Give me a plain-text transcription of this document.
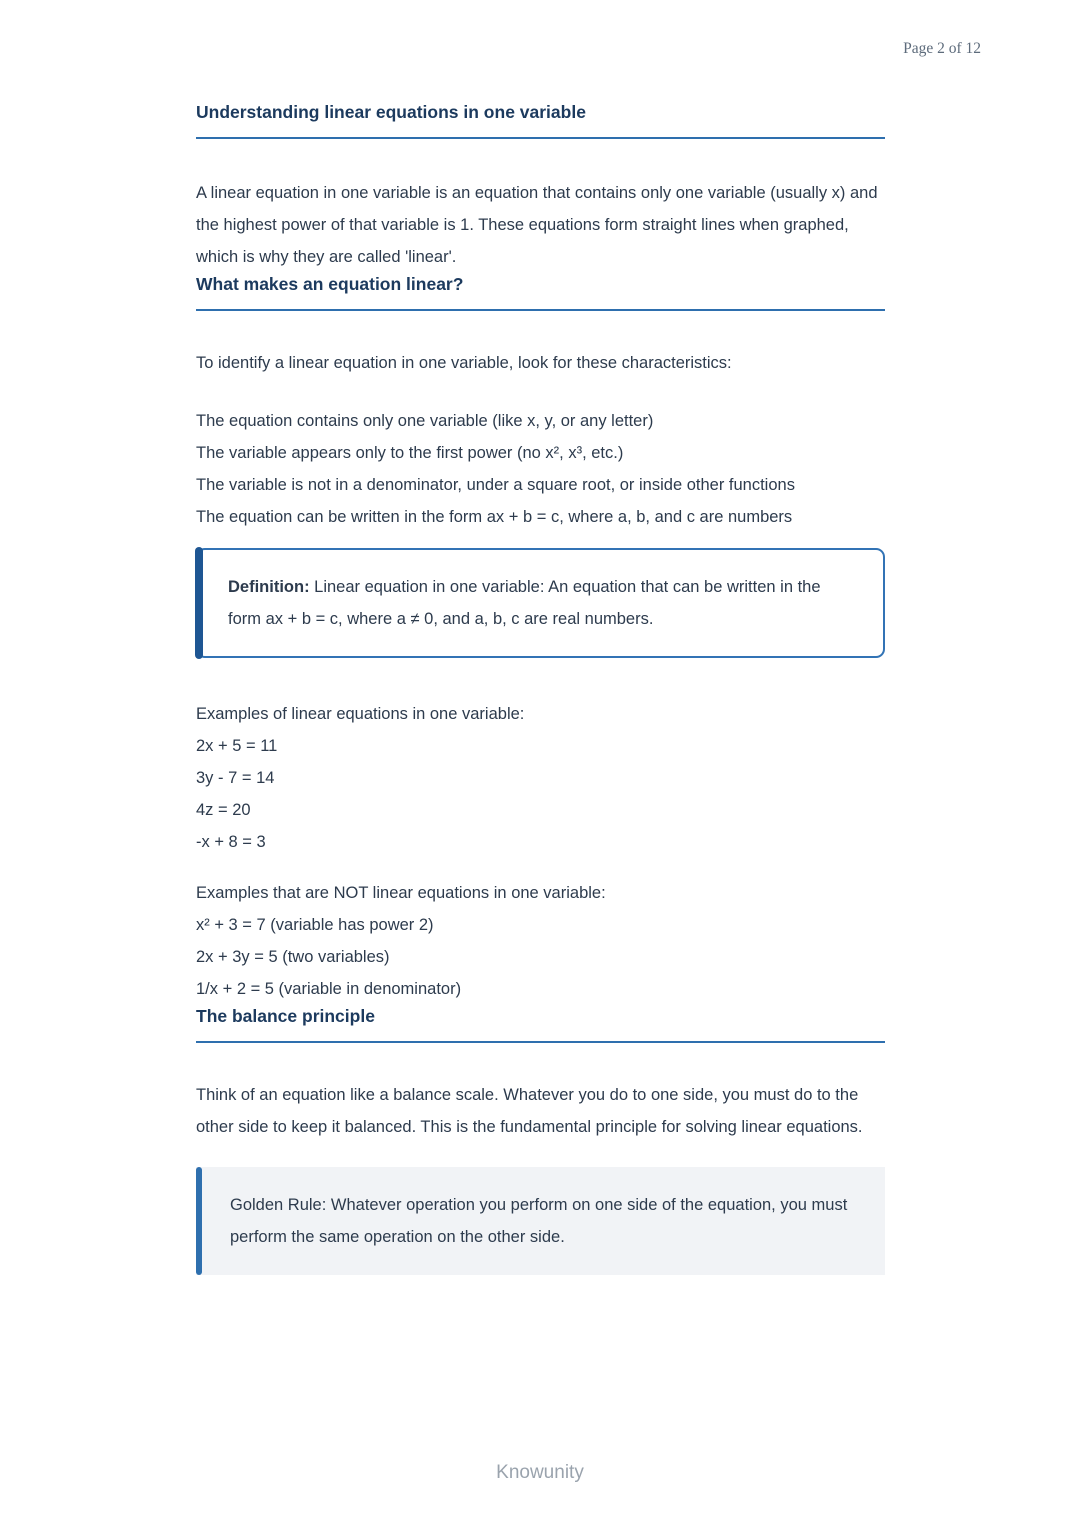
Page 2 of 12
Understanding linear equations in one variable

A linear equation in one variable is an equation that contains only one variable (usually x) and the highest power of that variable is 1. These equations form straight lines when graphed, which is why they are called 'linear'.

What makes an equation linear?

To identify a linear equation in one variable, look for these characteristics:

The equation contains only one variable (like x, y, or any letter)
The variable appears only to the first power (no x², x³, etc.)
The variable is not in a denominator, under a square root, or inside other functions
The equation can be written in the form ax + b = c, where a, b, and c are numbers
Definition: Linear equation in one variable: An equation that can be written in the form ax + b = c, where a ≠ 0, and a, b, c are real numbers.
Examples of linear equations in one variable:
2x + 5 = 11
3y - 7 = 14
4z = 20
-x + 8 = 3
Examples that are NOT linear equations in one variable:
x² + 3 = 7 (variable has power 2)
2x + 3y = 5 (two variables)
1/x + 2 = 5 (variable in denominator)
The balance principle

Think of an equation like a balance scale. Whatever you do to one side, you must do to the other side to keep it balanced. This is the fundamental principle for solving linear equations.

Golden Rule: Whatever operation you perform on one side of the equation, you must perform the same operation on the other side.
Knowunity
